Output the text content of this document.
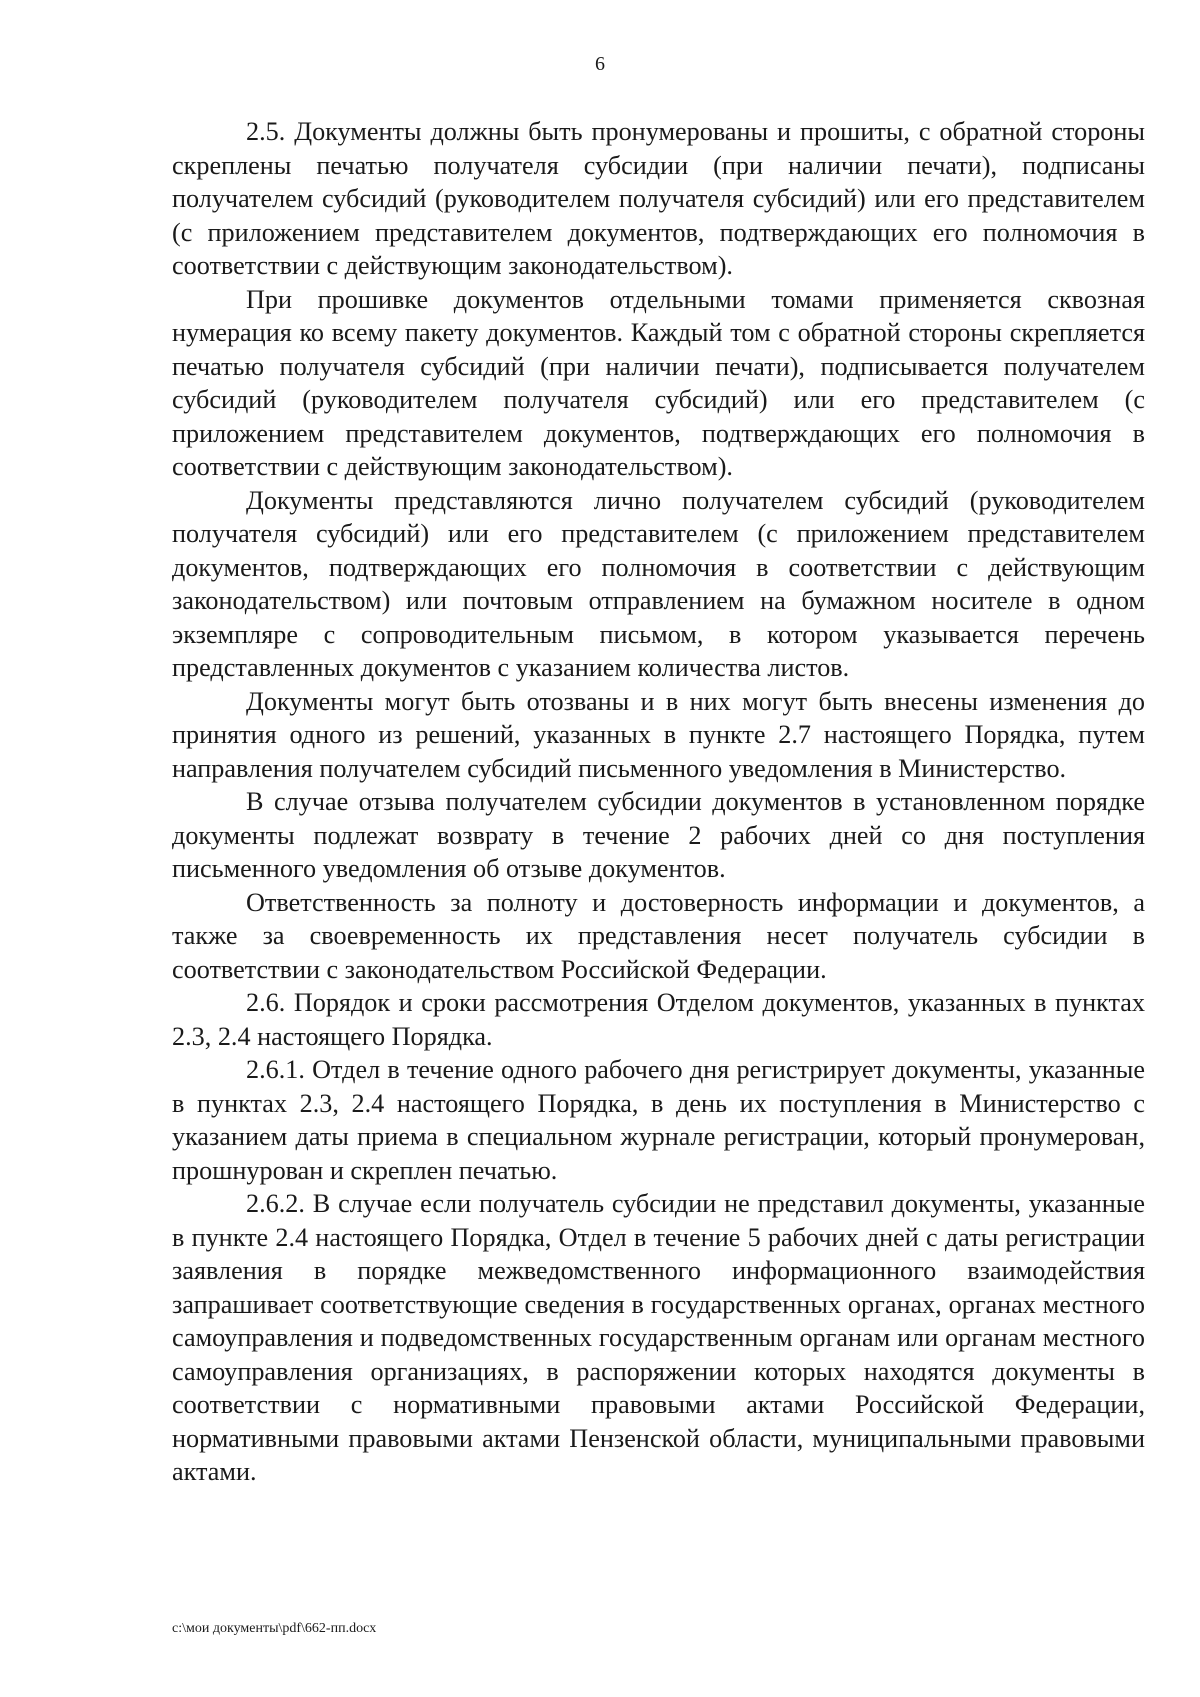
6

2.5. Документы должны быть пронумерованы и прошиты, с обратной стороны скреплены печатью получателя субсидии (при наличии печати), подписаны получателем субсидий (руководителем получателя субсидий) или его представителем (с приложением представителем документов, подтверждающих его полномочия в соответствии с действующим законодательством).

При прошивке документов отдельными томами применяется сквозная нумерация ко всему пакету документов. Каждый том с обратной стороны скрепляется печатью получателя субсидий (при наличии печати), подписывается получателем субсидий (руководителем получателя субсидий) или его представителем (с приложением представителем документов, подтверждающих его полномочия в соответствии с действующим законодательством).

Документы представляются лично получателем субсидий (руководителем получателя субсидий) или его представителем (с приложением представителем документов, подтверждающих его полномочия в соответствии с действующим законодательством) или почтовым отправлением на бумажном носителе в одном экземпляре с сопроводительным письмом, в котором указывается перечень представленных документов с указанием количества листов.

Документы могут быть отозваны и в них могут быть внесены изменения до принятия одного из решений, указанных в пункте 2.7 настоящего Порядка, путем направления получателем субсидий письменного уведомления в Министерство.

В случае отзыва получателем субсидии документов в установленном порядке документы подлежат возврату в течение 2 рабочих дней со дня поступления письменного уведомления об отзыве документов.

Ответственность за полноту и достоверность информации и документов, а также за своевременность их представления несет получатель субсидии в соответствии с законодательством Российской Федерации.

2.6. Порядок и сроки рассмотрения Отделом документов, указанных в пунктах 2.3, 2.4 настоящего Порядка.

2.6.1. Отдел в течение одного рабочего дня регистрирует документы, указанные в пунктах 2.3, 2.4 настоящего Порядка, в день их поступления в Министерство с указанием даты приема в специальном журнале регистрации, который пронумерован, прошнурован и скреплен печатью.

2.6.2. В случае если получатель субсидии не представил документы, указанные в пункте 2.4 настоящего Порядка, Отдел в течение 5 рабочих дней с даты регистрации заявления в порядке межведомственного информационного взаимодействия запрашивает соответствующие сведения в государственных органах, органах местного самоуправления и подведомственных государственным органам или органам местного самоуправления организациях, в распоряжении которых находятся документы в соответствии с нормативными правовыми актами Российской Федерации, нормативными правовыми актами Пензенской области, муниципальными правовыми актами.

c:\мои документы\pdf\662-пп.docx
